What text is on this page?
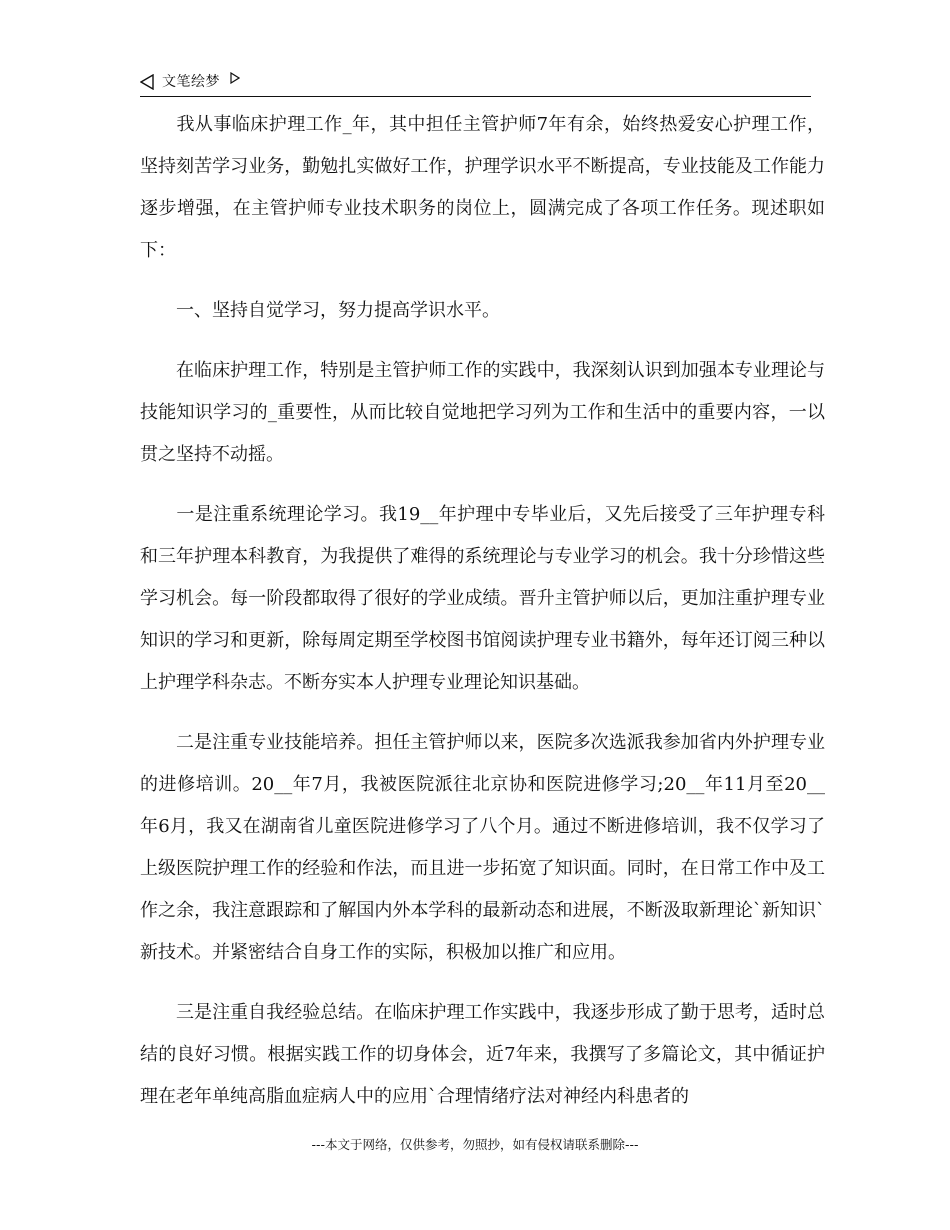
文笔绘梦

我从事临床护理工作_年，其中担任主管护师7年有余，始终热爱安心护理工作，坚持刻苦学习业务，勤勉扎实做好工作，护理学识水平不断提高，专业技能及工作能力逐步增强，在主管护师专业技术职务的岗位上，圆满完成了各项工作任务。现述职如下：

一、坚持自觉学习，努力提高学识水平。

在临床护理工作，特别是主管护师工作的实践中，我深刻认识到加强本专业理论与技能知识学习的_重要性，从而比较自觉地把学习列为工作和生活中的重要内容，一以贯之坚持不动摇。

一是注重系统理论学习。我19__年护理中专毕业后，又先后接受了三年护理专科和三年护理本科教育，为我提供了难得的系统理论与专业学习的机会。我十分珍惜这些学习机会。每一阶段都取得了很好的学业成绩。晋升主管护师以后，更加注重护理专业知识的学习和更新，除每周定期至学校图书馆阅读护理专业书籍外，每年还订阅三种以上护理学科杂志。不断夯实本人护理专业理论知识基础。

二是注重专业技能培养。担任主管护师以来，医院多次选派我参加省内外护理专业的进修培训。20__年7月，我被医院派往北京协和医院进修学习;20__年11月至20__年6月，我又在湖南省儿童医院进修学习了八个月。通过不断进修培训，我不仅学习了上级医院护理工作的经验和作法，而且进一步拓宽了知识面。同时，在日常工作中及工作之余，我注意跟踪和了解国内外本学科的最新动态和进展，不断汲取新理论`新知识`新技术。并紧密结合自身工作的实际，积极加以推广和应用。

三是注重自我经验总结。在临床护理工作实践中，我逐步形成了勤于思考，适时总结的良好习惯。根据实践工作的切身体会，近7年来，我撰写了多篇论文，其中循证护理在老年单纯高脂血症病人中的应用`合理情绪疗法对神经内科患者的

---本文于网络，仅供参考，勿照抄，如有侵权请联系删除---
